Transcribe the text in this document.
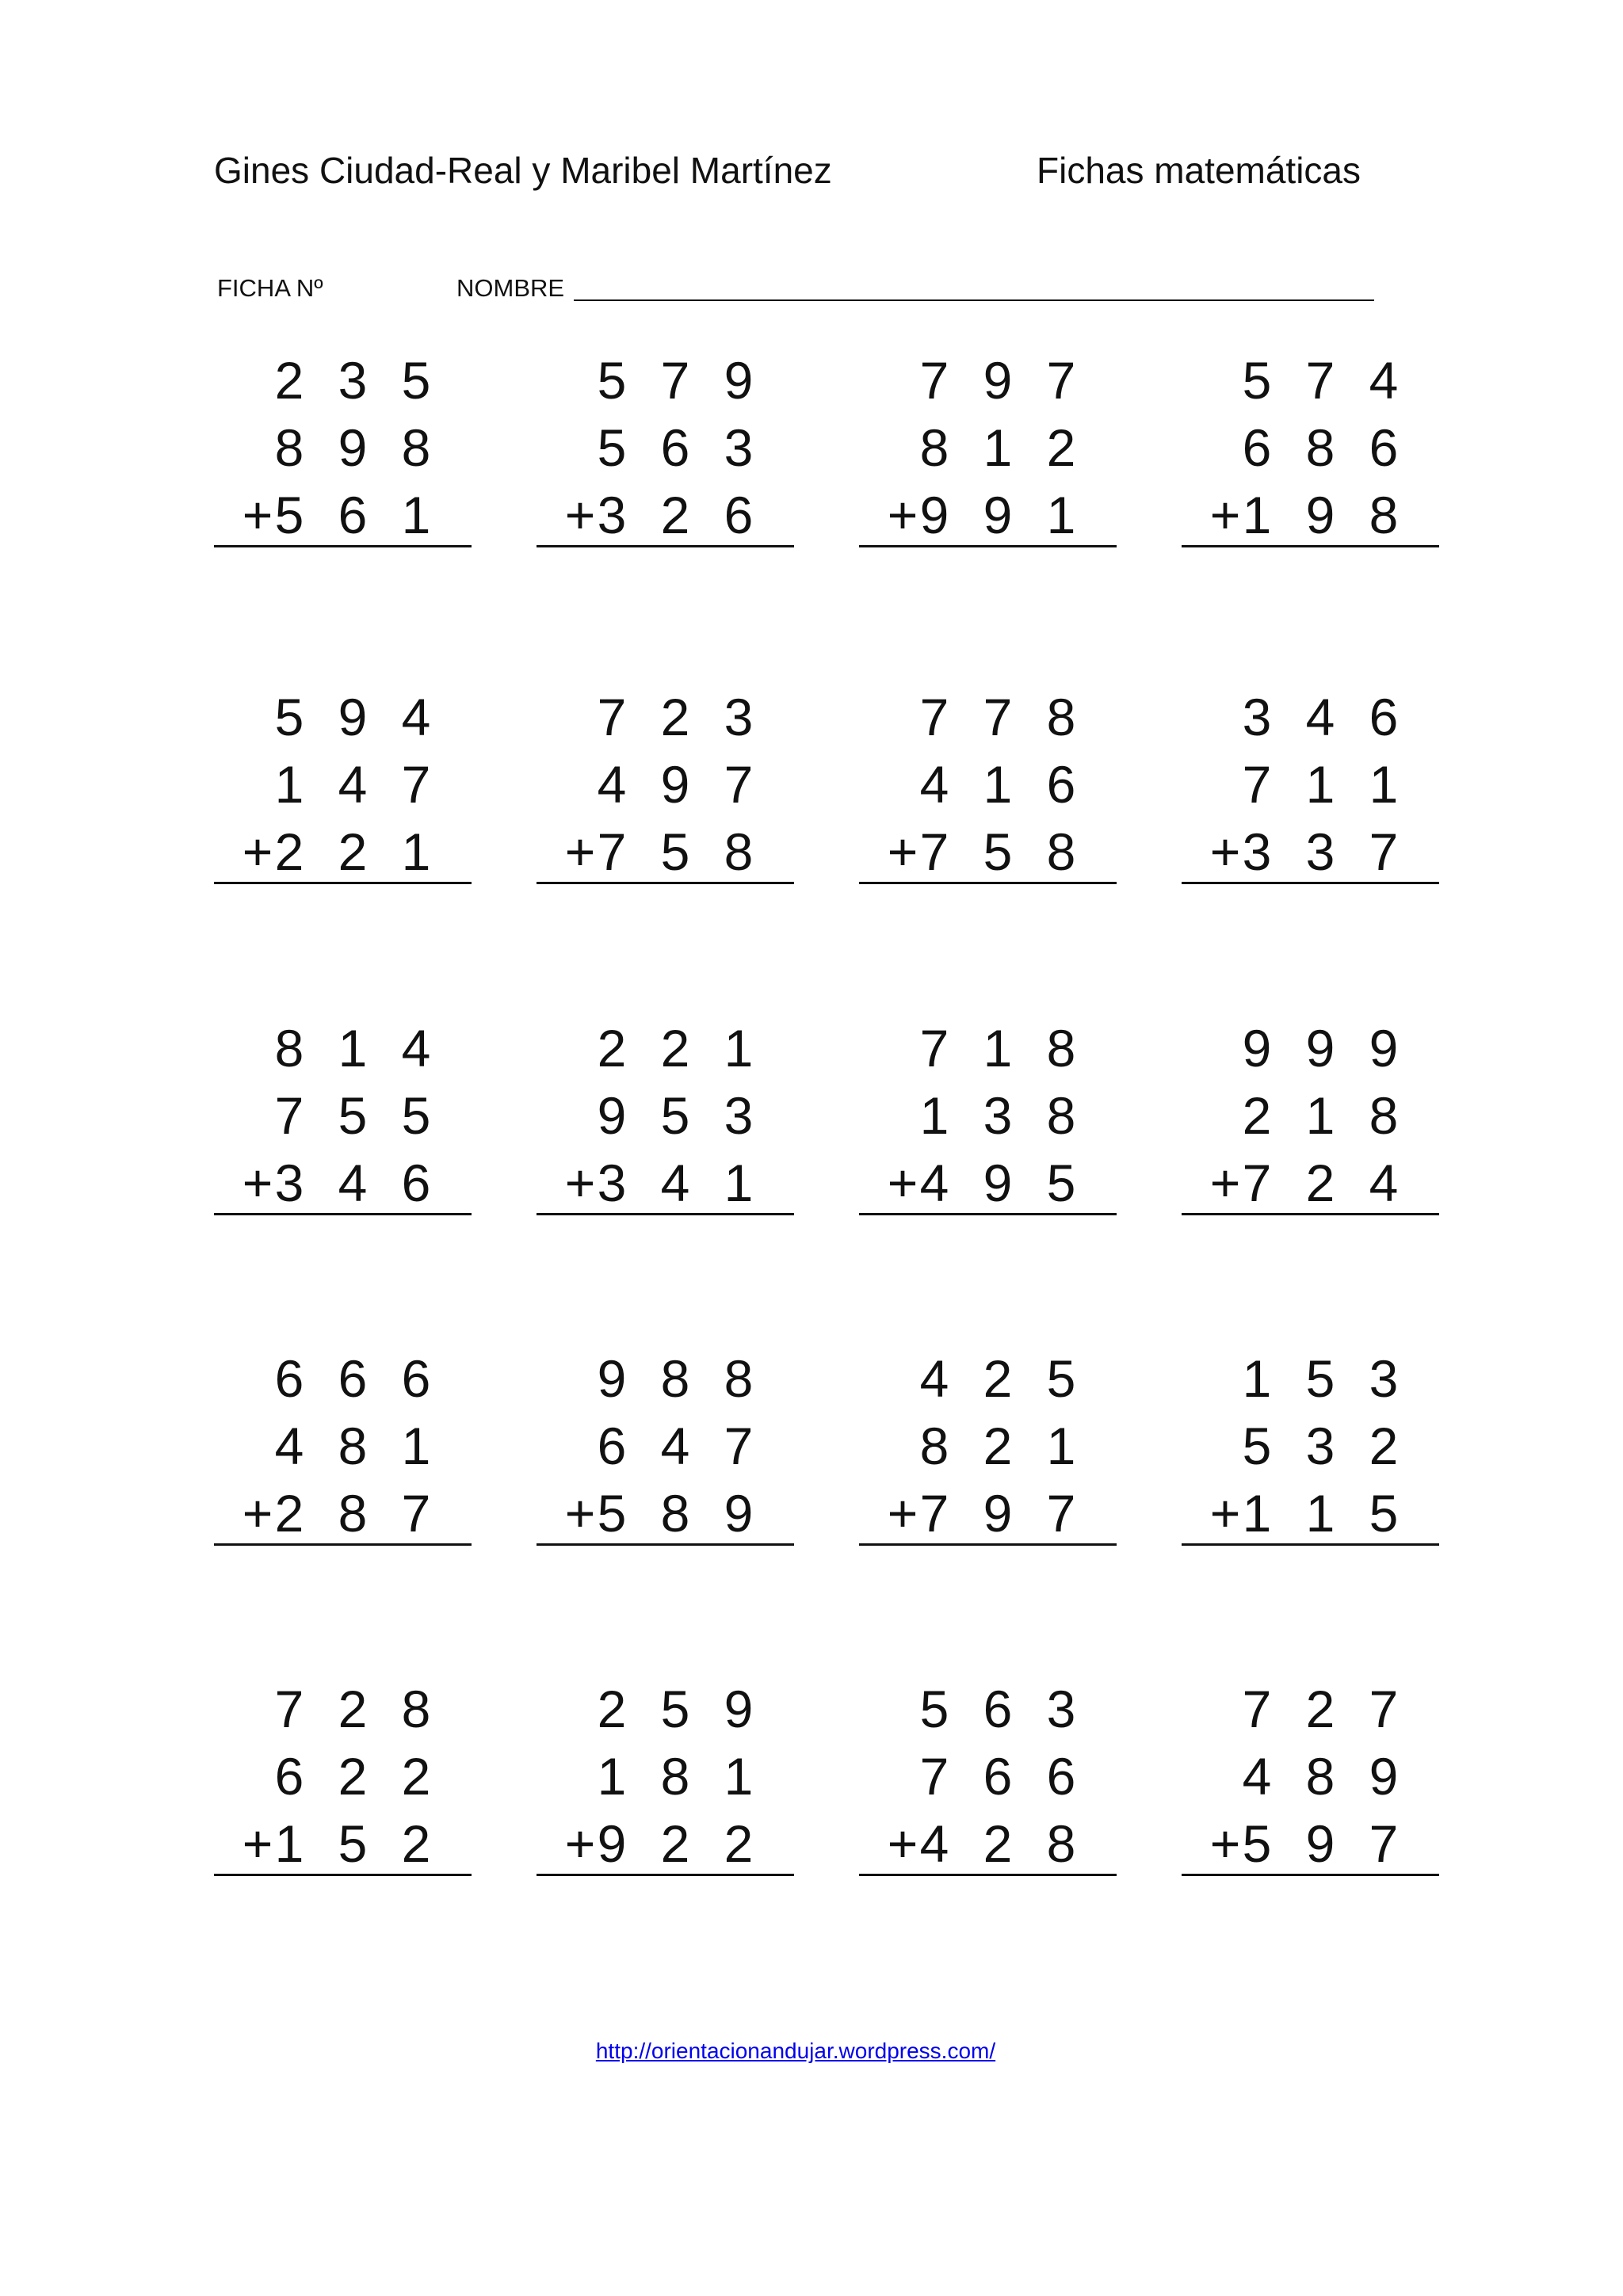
Gines Ciudad-Real y Maribel Martínez	Fichas matemáticas
FICHA Nº	NOMBRE
2 3 5
8 9 8
+ 5 6 1
5 7 9
5 6 3
+ 3 2 6
7 9 7
8 1 2
+ 9 9 1
5 7 4
6 8 6
+ 1 9 8
5 9 4
1 4 7
+ 2 2 1
7 2 3
4 9 7
+ 7 5 8
7 7 8
4 1 6
+ 7 5 8
3 4 6
7 1 1
+ 3 3 7
8 1 4
7 5 5
+ 3 4 6
2 2 1
9 5 3
+ 3 4 1
7 1 8
1 3 8
+ 4 9 5
9 9 9
2 1 8
+ 7 2 4
6 6 6
4 8 1
+ 2 8 7
9 8 8
6 4 7
+ 5 8 9
4 2 5
8 2 1
+ 7 9 7
1 5 3
5 3 2
+ 1 1 5
7 2 8
6 2 2
+ 1 5 2
2 5 9
1 8 1
+ 9 2 2
5 6 3
7 6 6
+ 4 2 8
7 2 7
4 8 9
+ 5 9 7
http://orientacionandujar.wordpress.com/
